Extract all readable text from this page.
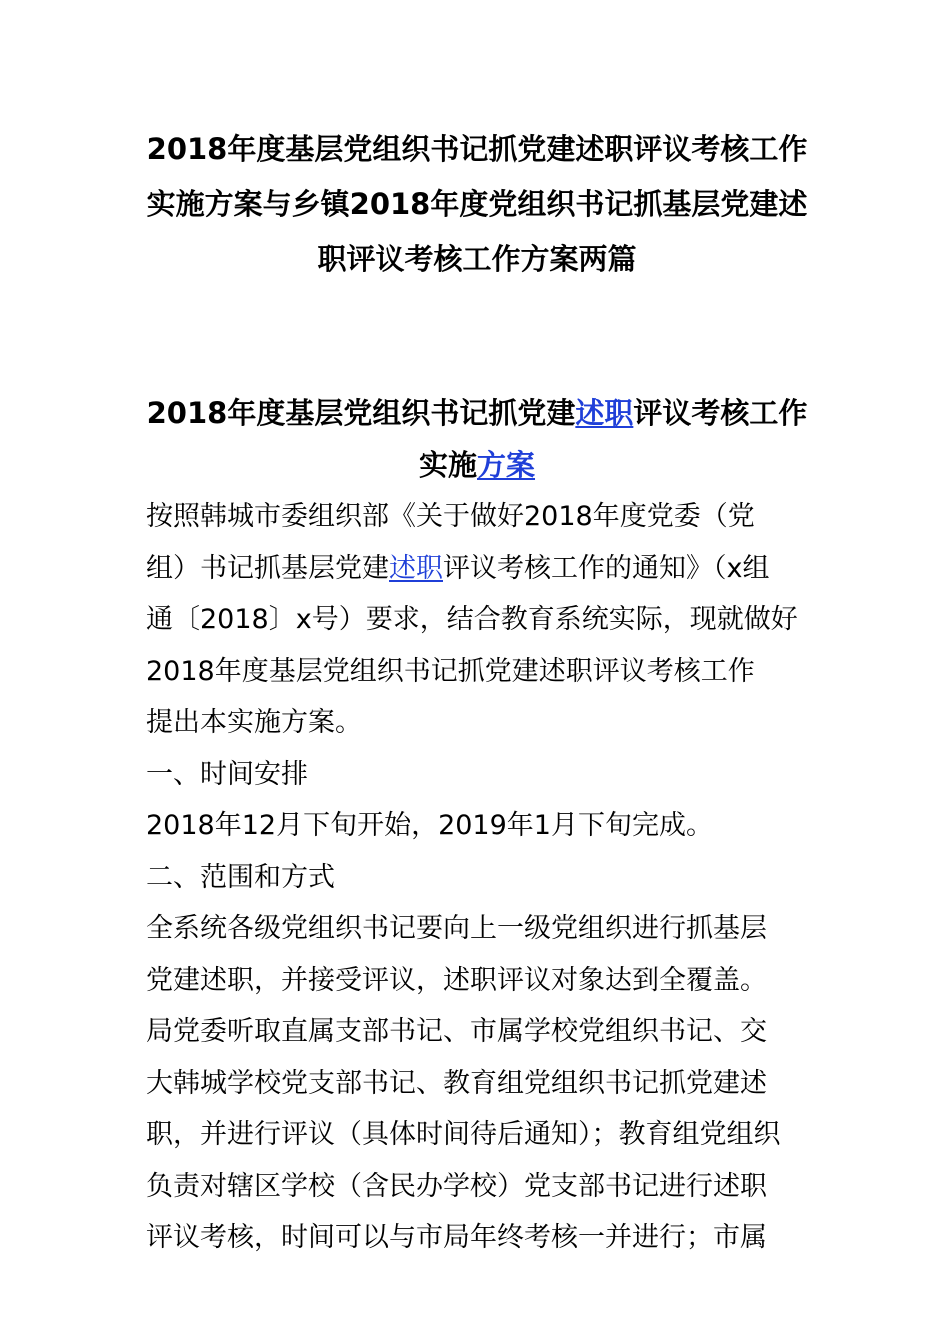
2018年度基层党组织书记抓党建述职评议考核工作
实施方案与乡镇2018年度党组织书记抓基层党建述
职评议考核工作方案两篇
2018年度基层党组织书记抓党建述职评议考核工作
实施方案
按照韩城市委组织部《关于做好2018年度党委（党
组）书记抓基层党建述职评议考核工作的通知》（x组
通〔2018〕x号）要求，结合教育系统实际，现就做好
2018年度基层党组织书记抓党建述职评议考核工作
提出本实施方案。
一、时间安排
2018年12月下旬开始，2019年1月下旬完成。
二、范围和方式
全系统各级党组织书记要向上一级党组织进行抓基层
党建述职，并接受评议，述职评议对象达到全覆盖。
局党委听取直属支部书记、市属学校党组织书记、交
大韩城学校党支部书记、教育组党组织书记抓党建述
职，并进行评议（具体时间待后通知）；教育组党组织
负责对辖区学校（含民办学校）党支部书记进行述职
评议考核，时间可以与市局年终考核一并进行；市属
